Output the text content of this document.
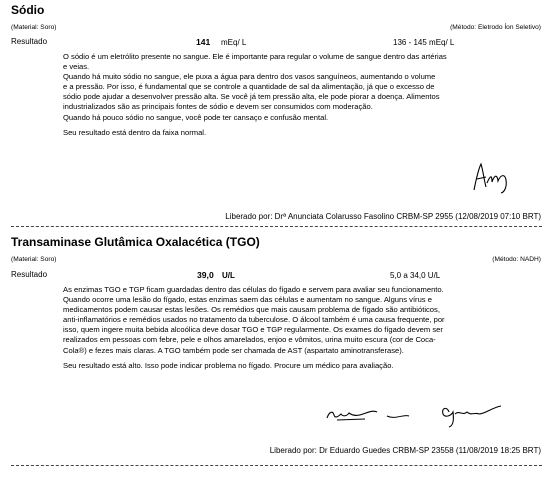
Sódio
(Material: Soro)	(Método: Eletrodo Íon Seletivo)
Resultado	141 mEq/ L	136 - 145 mEq/ L
O sódio é um eletrólito presente no sangue. Ele é importante para regular o volume de sangue dentro das artérias
e veias.
Quando há muito sódio no sangue, ele puxa a água para dentro dos vasos sanguíneos, aumentando o volume
e a pressão. Por isso, é fundamental que se controle a quantidade de sal da alimentação, já que o excesso de
sódio pode ajudar a desenvolver pressão alta. Se você já tem pressão alta, ele pode piorar a doença. Alimentos
industrializados são as principais fontes de sódio e devem ser consumidos com moderação.
Quando há pouco sódio no sangue, você pode ter cansaço e confusão mental.
Seu resultado está dentro da faixa normal.
Liberado por: Drª Anunciata Colarusso Fasolino CRBM-SP 2955 (12/08/2019 07:10 BRT)
Transaminase Glutâmica Oxalacética (TGO)
(Material: Soro)	(Método: NADH)
Resultado	39,0 U/L	5,0 a 34,0 U/L
As enzimas TGO e TGP ficam guardadas dentro das células do fígado e servem para avaliar seu funcionamento.
Quando ocorre uma lesão do fígado, estas enzimas saem das células e aumentam no sangue. Alguns vírus e
medicamentos podem causar estas lesões. Os remédios que mais causam problema de fígado são antibióticos,
anti-inflamatórios e remédios usados no tratamento da tuberculose. O álcool também é uma causa frequente, por
isso, quem ingere muita bebida alcoólica deve dosar TGO e TGP regularmente. Os exames do fígado devem ser
realizados em pessoas com febre, pele e olhos amarelados, enjoo e vômitos, urina muito escura (cor de Coca-
Cola®) e fezes mais claras. A TGO também pode ser chamada de AST (aspartato aminotransferase).
Seu resultado está alto. Isso pode indicar problema no fígado. Procure um médico para avaliação.
Liberado por: Dr Eduardo Guedes CRBM-SP 23558 (11/08/2019 18:25 BRT)
